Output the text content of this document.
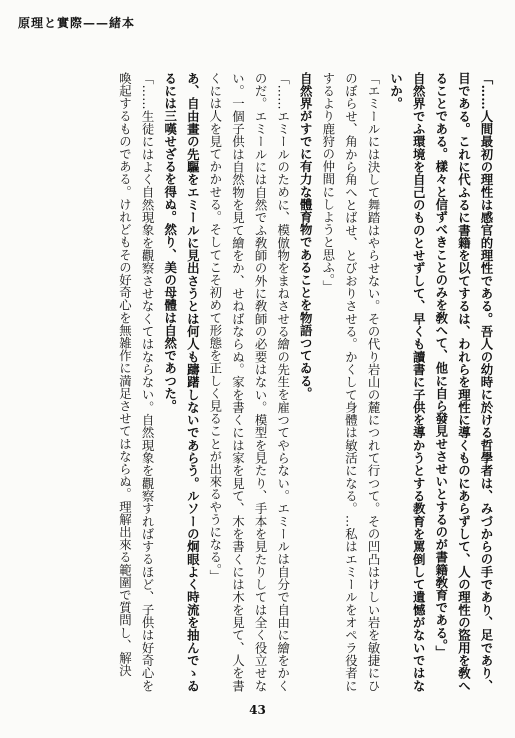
原理と實際——緒本

「……人間最初の理性は感官的理性である。吾人の幼時に於ける哲學者は、みづからの手であり、足であり、目である。これに代ふるに書籍を以てするは、われらを理性に導くものにあらずして、人の理性の盜用を敎へることである。樣々と信ずべきことのみを敎へて、他に自ら發見せさせいとするのが書籍敎育である。」

自然界でふ環境を自己のものとせずして、早くも讀書に子供を導かうとする教育を罵倒して遺憾がないではないか。

「エミールには決して舞踏はやらせない。その代り岩山の麓につれて行つて。その凹凸はけしい岩を敏捷にひのぼらせ、角から角へとばせ、とびおりさせる。かくして身體は敏活になる。…私はエミールをオペラ役者にするより鹿狩の仲間にしようと思ふ。」

自然界がすでに有力な體育物であることを物語つてゐる。

「……エミールのために、模倣物をまねさせる繪の先生を雇つてやらない。エミールは自分で自由に繪をかくのだ。エミールには自然でふ敎師の外に敎師の必要はない。模型を見たり、手本を見たりしては全く役立せない。一個子供は自然物を見て繪をか、せねばならぬ。家を書くには家を見て、木を書くには木を見て、人を書くには人を見てかかせる。そしてこそ初めて形態を正しく見ることが出來るやうになる。」

あ、自由畫の先驅をエミールに見出さうとは何人も躊躇しないであらう。ルソーの炯眼よく時流を抽んでゝゐるには三嘆せざるを得ぬ。然り、美の母體は自然であつた。

「……生徒にはよく自然現象を觀察させなくてはならない。自然現象を觀察すればするほど、子供は好奇心を喚起するものである。けれどもその好奇心を無雑作に満足させてはならぬ。理解出來る範圍で質問し、解決

43
